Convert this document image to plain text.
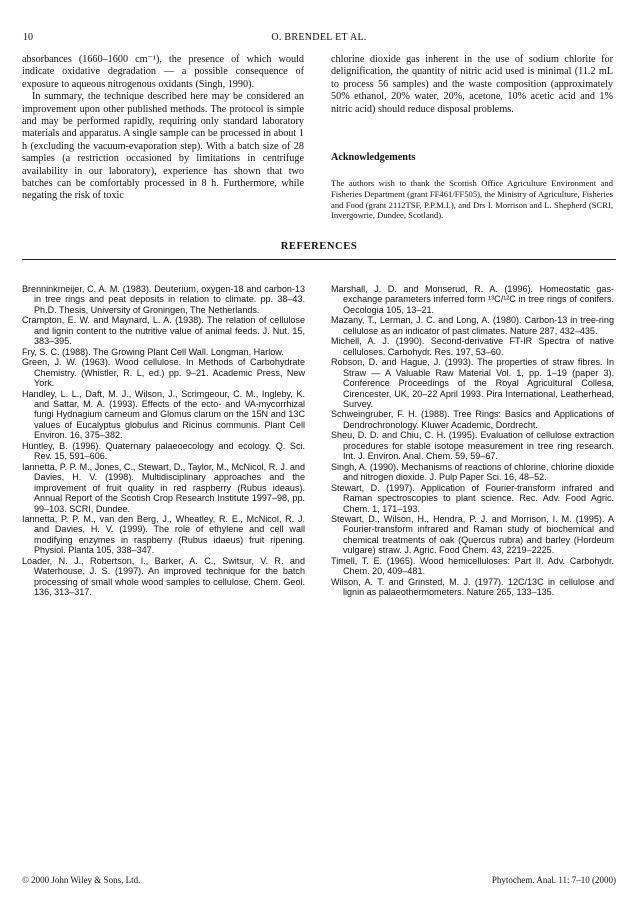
10	O. BRENDEL ET AL.

absorbances (1660–1600 cm⁻¹), the presence of which would indicate oxidative degradation — a possible consequence of exposure to aqueous nitrogenous oxidants (Singh, 1990).

In summary, the technique described here may be considered an improvement upon other published methods. The protocol is simple and may be performed rapidly, requiring only standard laboratory materials and apparatus. A single sample can be processed in about 1 h (excluding the vacuum-evaporation step). With a batch size of 28 samples (a restriction occasioned by limitations in centrifuge availability in our laboratory), experience has shown that two batches can be comfortably processed in 8 h. Furthermore, while negating the risk of toxic

chlorine dioxide gas inherent in the use of sodium chlorite for delignification, the quantity of nitric acid used is minimal (11.2 mL to process 56 samples) and the waste composition (approximately 50% ethanol, 20% water, 20%, acetone, 10% acetic acid and 1% nitric acid) should reduce disposal problems.

Acknowledgements

The authors wish to thank the Scottish Office Agriculture Environment and Fisheries Department (grant FF461/FF505), the Ministry of Agriculture, Fisheries and Food (grant 2112TSF, P.P.M.I.), and Drs I. Morrison and L. Shepherd (SCRI, Invergowrie, Dundee, Scotland).

REFERENCES

Brenninkmeijer, C. A. M. (1983). Deuterium, oxygen-18 and carbon-13 in tree rings and peat deposits in relation to climate. pp. 38–43. Ph.D. Thesis, University of Groningen, The Netherlands.

Crampton, E. W. and Maynard, L. A. (1938). The relation of cellulose and lignin content to the nutritive value of animal feeds. J. Nut. 15, 383–395.

Fry, S. C. (1988). The Growing Plant Cell Wall. Longman, Harlow.

Green, J. W. (1963). Wood cellulose. In Methods of Carbohydrate Chemistry. (Whistler, R. L, ed.) pp. 9–21. Academic Press, New York.

Handley, L. L., Daft, M. J., Wilson, J., Scrimgeour, C. M., Ingleby, K. and Sattar, M. A. (1993). Effects of the ecto- and VA-mycorrhizal fungi Hydnagium carneum and Glomus clarum on the 15N and 13C values of Eucalyptus globulus and Ricinus communis. Plant Cell Environ. 16, 375–382.

Huntley, B. (1996). Quaternary palaeoecology and ecology. Q. Sci. Rev. 15, 591–606.

Iannetta, P. P. M., Jones, C., Stewart, D., Taylor, M., McNicol, R. J. and Davies, H. V. (1998). Multidisciplinary approaches and the improvement of fruit quality in red raspberry (Rubus ideaus). Annual Report of the Scotish Crop Research Institute 1997–98, pp. 99–103. SCRI, Dundee.

Iannetta, P. P. M., van den Berg, J., Wheatley, R. E., McNicol, R. J. and Davies, H. V. (1999). The role of ethylene and cell wall modifying enzymes in raspberry (Rubus idaeus) fruit ripening. Physiol. Planta 105, 338–347.

Loader, N. J., Robertson, I., Barker, A. C., Switsur, V. R. and Waterhouse, J. S. (1997). An improved technique for the batch processing of small whole wood samples to cellulose. Chem. Geol. 136, 313–317.

Marshall, J. D. and Monserud, R. A. (1996). Homeostatic gas-exchange parameters inferred form ¹³C/¹²C in tree rings of conifers. Oecologia 105, 13–21.

Mazany, T., Lerman, J. C. and Long, A. (1980). Carbon-13 in tree-ring cellulose as an indicator of past climates. Nature 287, 432–435.

Michell, A. J. (1990). Second-derivative FT-IR Spectra of native celluloses. Carbohydr. Res. 197, 53–60.

Robson, D. and Hague, J. (1993). The properties of straw fibres. In Straw — A Valuable Raw Material Vol. 1, pp. 1–19 (paper 3). Conference Proceedings of the Royal Agricultural Collesa, Cirencester, UK, 20–22 April 1993. Pira International, Leatherhead, Survey.

Schweingruber, F. H. (1988). Tree Rings: Basics and Applications of Dendrochronology. Kluwer Academic, Dordrecht.

Sheu, D. D. and Chiu, C. H. (1995). Evaluation of cellulose extraction procedures for stable isotope measurement in tree ring research. Int. J. Environ. Anal. Chem. 59, 59–67.

Singh, A. (1990). Mechanisms of reactions of chlorine, chlorine dioxide and nitrogen dioxide. J. Pulp Paper Sci. 16, 48–52.

Stewart, D. (1997). Application of Fourier-transform infrared and Raman spectroscopies to plant science. Rec. Adv. Food Agric. Chem. 1, 171–193.

Stewart, D., Wilson, H., Hendra, P. J. and Morrison, I. M. (1995). A Fourier-transform infrared and Raman study of biochemical and chemical treatments of oak (Quercus rubra) and barley (Hordeum vulgare) straw. J. Agric. Food Chem. 43, 2219–2225.

Timell, T. E. (1965). Wood hemicelluloses: Part II. Adv. Carbohydr. Chem. 20, 409–481.

Wilson, A. T. and Grinsted, M. J. (1977). 12C/13C in cellulose and lignin as palaeothermometers. Nature 265, 133–135.

© 2000 John Wiley & Sons, Ltd.	Phytochem. Anal. 11: 7–10 (2000)
